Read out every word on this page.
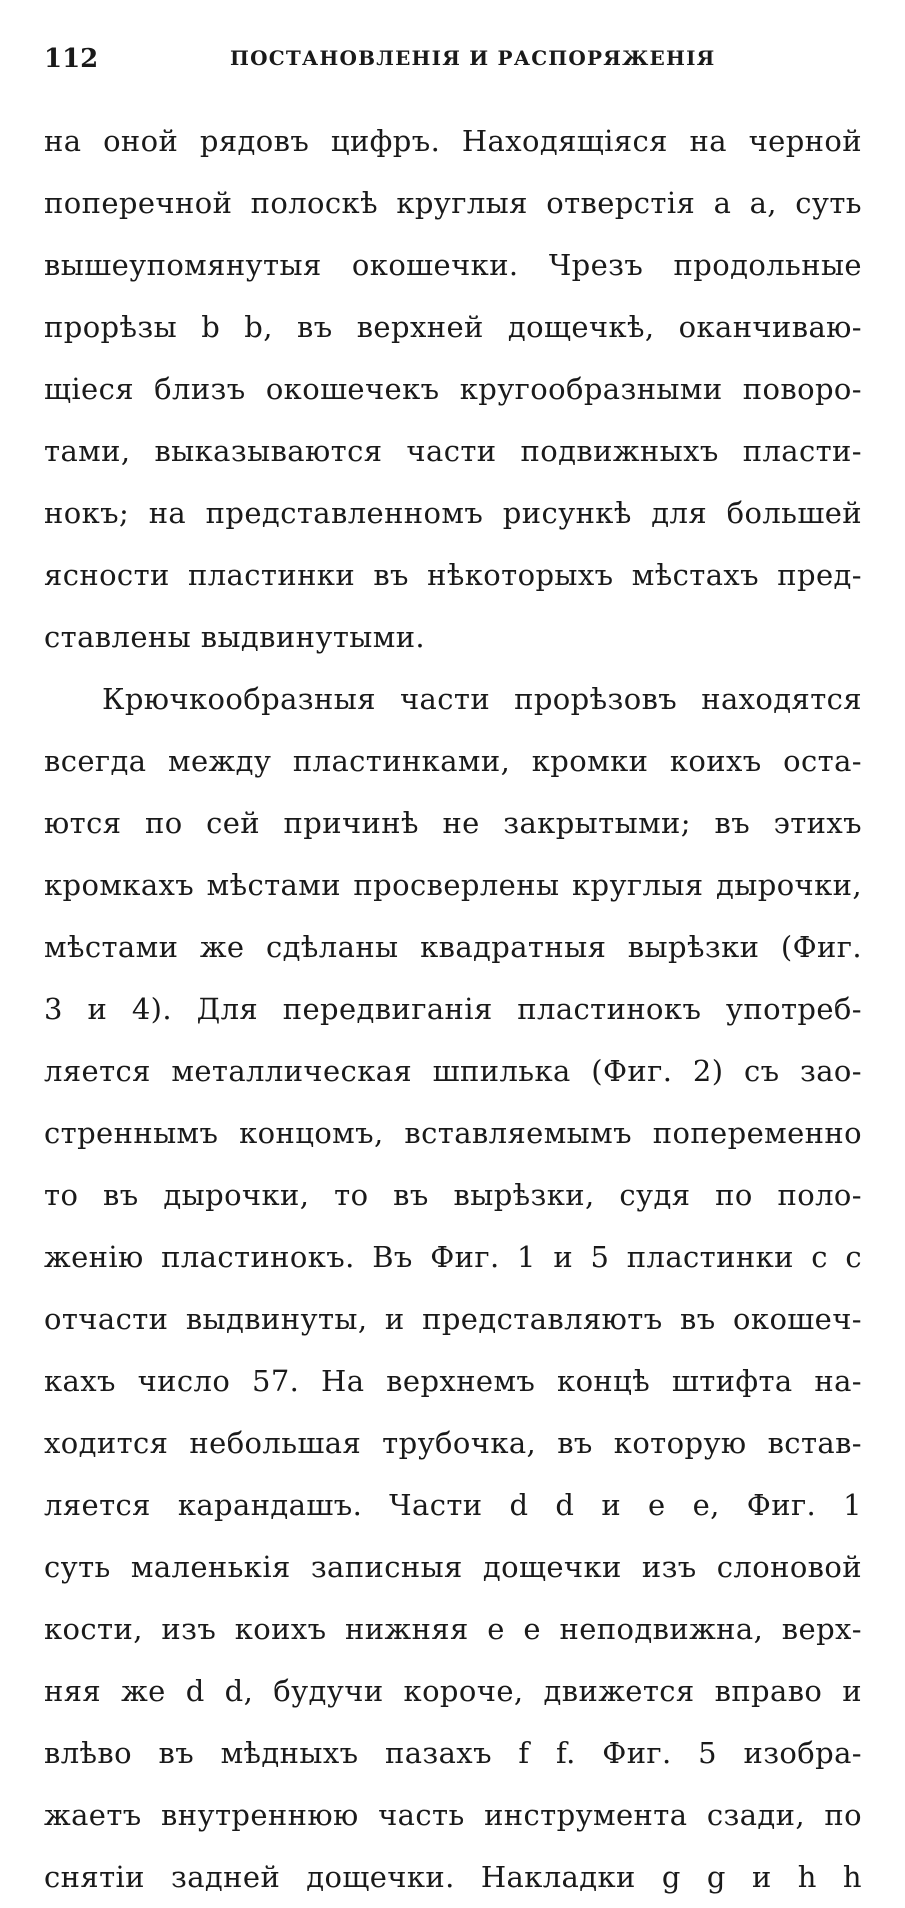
112	ПОСТАНОВЛЕНІЯ И РАСПОРЯЖЕНІЯ
на оной рядовъ цифръ. Находящіяся на черной
поперечной полоскѣ круглыя отверстія a a, суть
вышеупомянутыя окошечки. Чрезъ продольные
прорѣзы b b, въ верхней дощечкѣ, оканчиваю-
щіеся близъ окошечекъ кругообразными поворо-
тами, выказываются части подвижныхъ пласти-
нокъ; на представленномъ рисункѣ для большей
ясности пластинки въ нѣкоторыхъ мѣстахъ пред-
ставлены выдвинутыми.
Крючкообразныя части прорѣзовъ находятся
всегда между пластинками, кромки коихъ оста-
ются по сей причинѣ не закрытыми; въ этихъ
кромкахъ мѣстами просверлены круглыя дырочки,
мѣстами же сдѣланы квадратныя вырѣзки (Фиг.
3 и 4). Для передвиганія пластинокъ употреб-
ляется металлическая шпилька (Фиг. 2) съ зао-
стреннымъ концомъ, вставляемымъ попеременно
то въ дырочки, то въ вырѣзки, судя по поло-
женію пластинокъ. Въ Фиг. 1 и 5 пластинки с с
отчасти выдвинуты, и представляютъ въ окошеч-
кахъ число 57. На верхнемъ концѣ штифта на-
ходится небольшая трубочка, въ которую встав-
ляется карандашъ. Части d d и e e, Фиг. 1
суть маленькія записныя дощечки изъ слоновой
кости, изъ коихъ нижняя e e неподвижна, верх-
няя же d d, будучи короче, движется вправо и
влѣво въ мѣдныхъ пазахъ f f. Фиг. 5 изобра-
жаетъ внутреннюю часть инструмента сзади, по
снятіи задней дощечки. Накладки g g и h h
